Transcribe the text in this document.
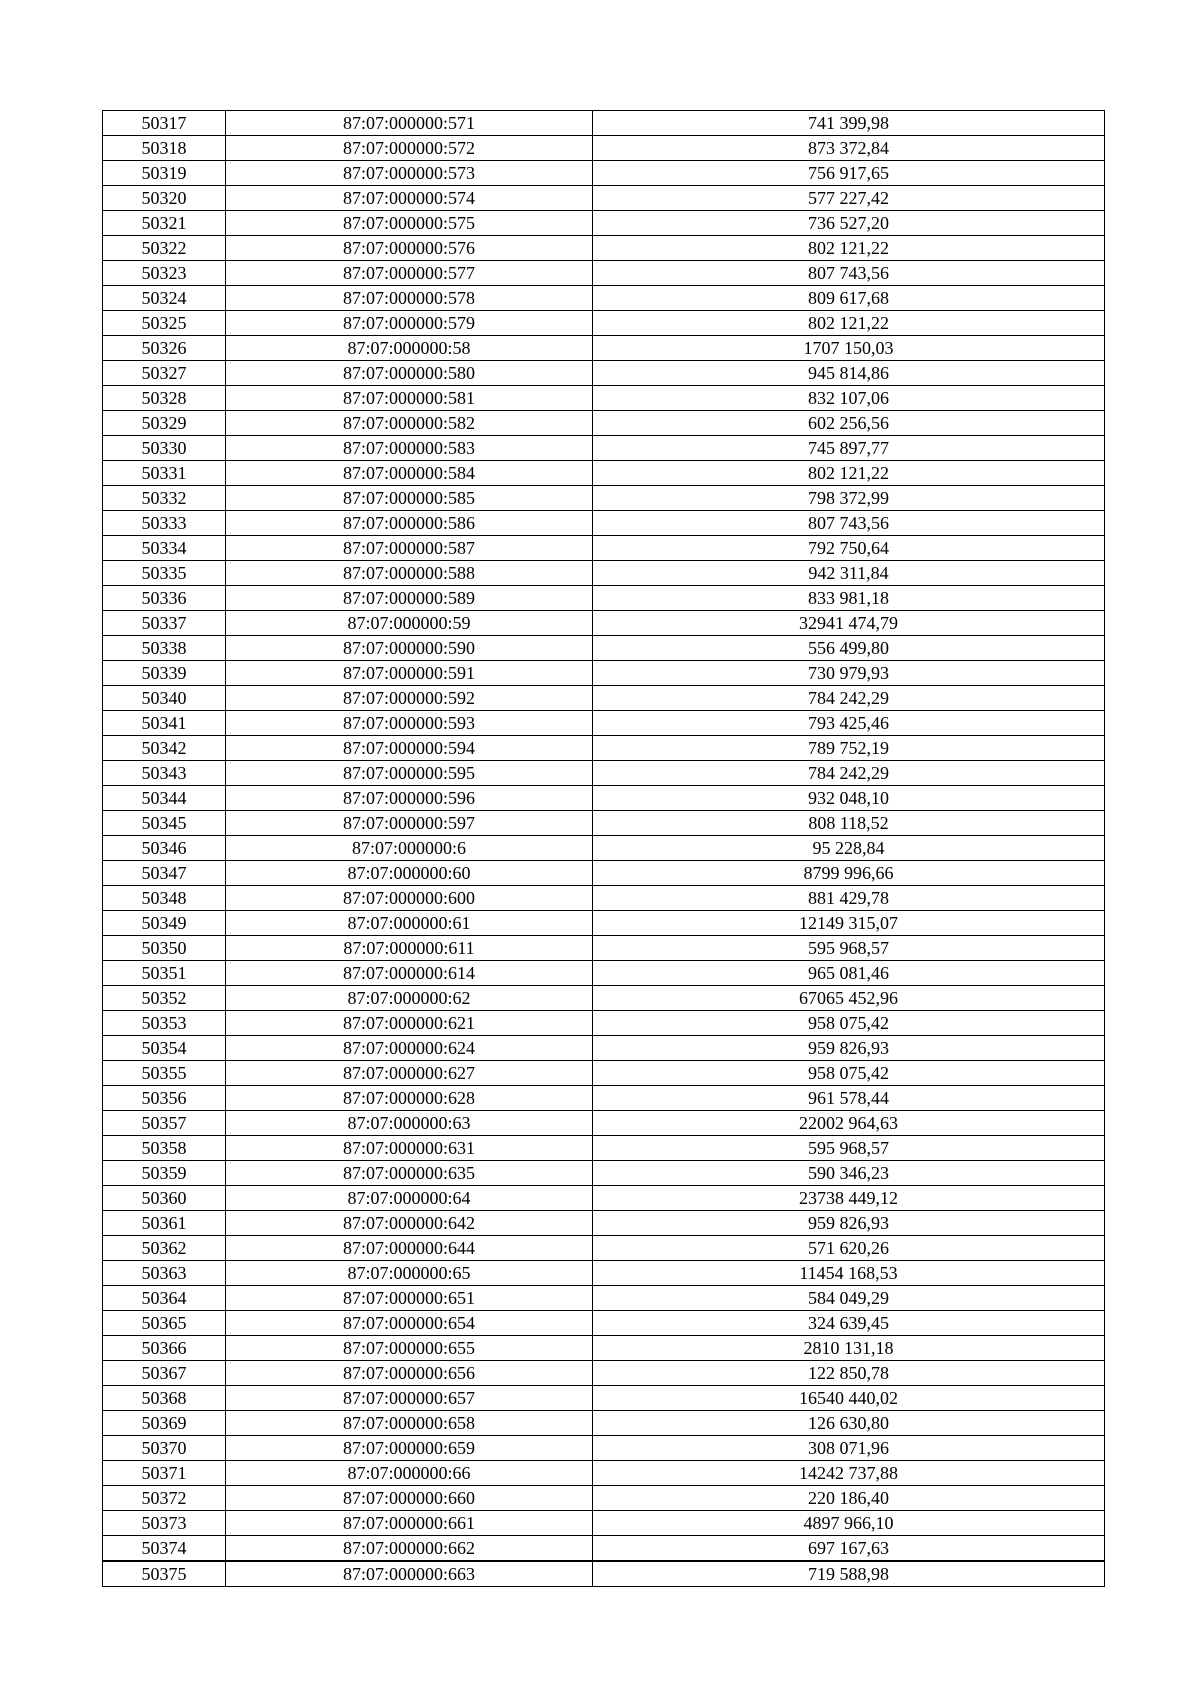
50317	87:07:000000:571	741 399,98
50318	87:07:000000:572	873 372,84
50319	87:07:000000:573	756 917,65
50320	87:07:000000:574	577 227,42
50321	87:07:000000:575	736 527,20
50322	87:07:000000:576	802 121,22
50323	87:07:000000:577	807 743,56
50324	87:07:000000:578	809 617,68
50325	87:07:000000:579	802 121,22
50326	87:07:000000:58	1707 150,03
50327	87:07:000000:580	945 814,86
50328	87:07:000000:581	832 107,06
50329	87:07:000000:582	602 256,56
50330	87:07:000000:583	745 897,77
50331	87:07:000000:584	802 121,22
50332	87:07:000000:585	798 372,99
50333	87:07:000000:586	807 743,56
50334	87:07:000000:587	792 750,64
50335	87:07:000000:588	942 311,84
50336	87:07:000000:589	833 981,18
50337	87:07:000000:59	32941 474,79
50338	87:07:000000:590	556 499,80
50339	87:07:000000:591	730 979,93
50340	87:07:000000:592	784 242,29
50341	87:07:000000:593	793 425,46
50342	87:07:000000:594	789 752,19
50343	87:07:000000:595	784 242,29
50344	87:07:000000:596	932 048,10
50345	87:07:000000:597	808 118,52
50346	87:07:000000:6	95 228,84
50347	87:07:000000:60	8799 996,66
50348	87:07:000000:600	881 429,78
50349	87:07:000000:61	12149 315,07
50350	87:07:000000:611	595 968,57
50351	87:07:000000:614	965 081,46
50352	87:07:000000:62	67065 452,96
50353	87:07:000000:621	958 075,42
50354	87:07:000000:624	959 826,93
50355	87:07:000000:627	958 075,42
50356	87:07:000000:628	961 578,44
50357	87:07:000000:63	22002 964,63
50358	87:07:000000:631	595 968,57
50359	87:07:000000:635	590 346,23
50360	87:07:000000:64	23738 449,12
50361	87:07:000000:642	959 826,93
50362	87:07:000000:644	571 620,26
50363	87:07:000000:65	11454 168,53
50364	87:07:000000:651	584 049,29
50365	87:07:000000:654	324 639,45
50366	87:07:000000:655	2810 131,18
50367	87:07:000000:656	122 850,78
50368	87:07:000000:657	16540 440,02
50369	87:07:000000:658	126 630,80
50370	87:07:000000:659	308 071,96
50371	87:07:000000:66	14242 737,88
50372	87:07:000000:660	220 186,40
50373	87:07:000000:661	4897 966,10
50374	87:07:000000:662	697 167,63
50375	87:07:000000:663	719 588,98
